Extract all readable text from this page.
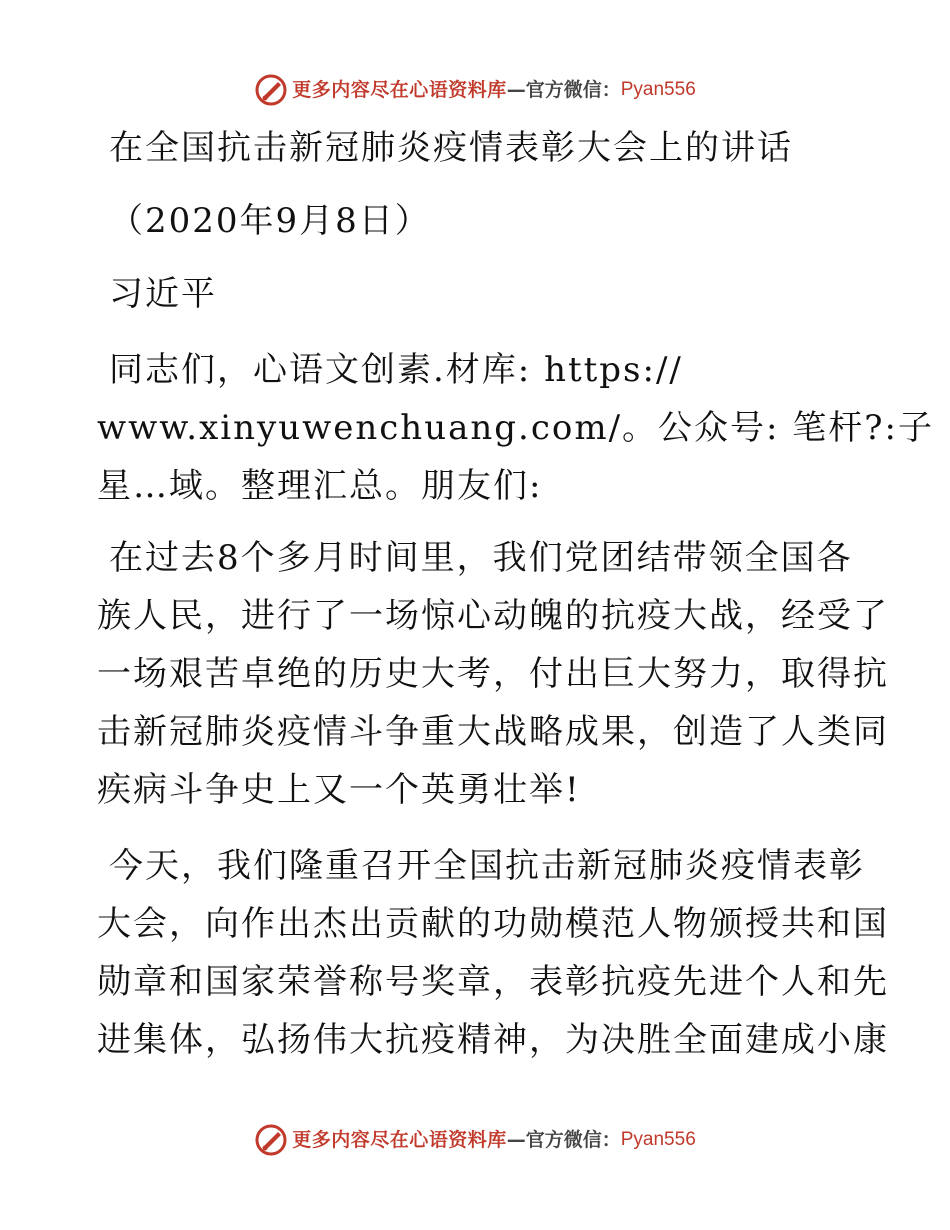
更多内容尽在心语资料库 — 官方微信： Pyan556
在全国抗击新冠肺炎疫情表彰大会上的讲话
（2020年9月8日）
习近平
同志们，心语文创素.材库: https://
www.xinyuwenchuang.com/。公众号: 笔杆?:子
星…域。整理汇总。朋友们:
在过去8个多月时间里，我们党团结带领全国各
族人民，进行了一场惊心动魄的抗疫大战，经受了
一场艰苦卓绝的历史大考，付出巨大努力，取得抗
击新冠肺炎疫情斗争重大战略成果，创造了人类同
疾病斗争史上又一个英勇壮举!
今天，我们隆重召开全国抗击新冠肺炎疫情表彰
大会，向作出杰出贡献的功勋模范人物颁授共和国
勋章和国家荣誉称号奖章，表彰抗疫先进个人和先
进集体，弘扬伟大抗疫精神，为决胜全面建成小康
更多内容尽在心语资料库 — 官方微信： Pyan556
